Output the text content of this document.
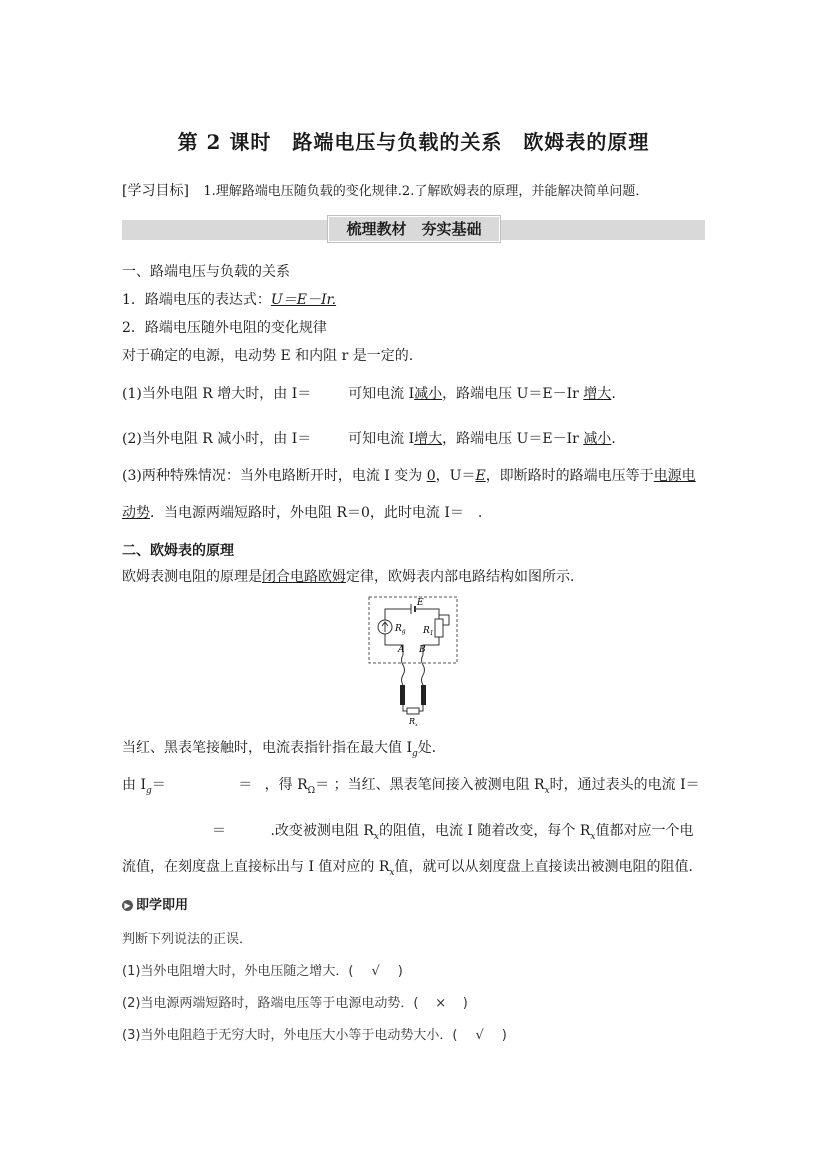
第 2 课时　路端电压与负载的关系　欧姆表的原理
[学习目标] 1.理解路端电压随负载的变化规律.2.了解欧姆表的原理，并能解决简单问题．
梳理教材　夯实基础
一、路端电压与负载的关系
1．路端电压的表达式：U＝E－Ir.
2．路端电压随外电阻的变化规律
对于确定的电源，电动势 E 和内阻 r 是一定的.
(1)当外电阻 R 增大时，由 I＝	可知电流 I减小，路端电压 U＝E－Ir 增大.
(2)当外电阻 R 减小时，由 I＝	可知电流 I增大，路端电压 U＝E－Ir 减小.
(3)两种特殊情况：当外电路断开时，电流 I 变为 0，U＝E，即断路时的路端电压等于电源电
动势．当电源两端短路时，外电阻 R＝0，此时电流 I＝ .
二、欧姆表的原理
欧姆表测电阻的原理是闭合电路欧姆定律，欧姆表内部电路结构如图所示．
E
$R_g$ $R_1$
A B
$R_x$
当红、黑表笔接触时，电流表指针指在最大值 $I_g$处．
由 $I_g=$	＝ ，得 $R_\Omega=$ ；当红、黑表笔间接入被测电阻 $R_x$时，通过表头的电流 I＝
＝	.改变被测电阻 $R_x$的阻值，电流 I 随着改变，每个 $R_x$值都对应一个电
流值，在刻度盘上直接标出与 I 值对应的 $R_x$值，就可以从刻度盘上直接读出被测电阻的阻值．
▶ 即学即用
判断下列说法的正误．
(1)当外电阻增大时，外电压随之增大．( √ )
(2)当电源两端短路时，路端电压等于电源电动势．( × )
(3)当外电阻趋于无穷大时，外电压大小等于电动势大小．( √ )
